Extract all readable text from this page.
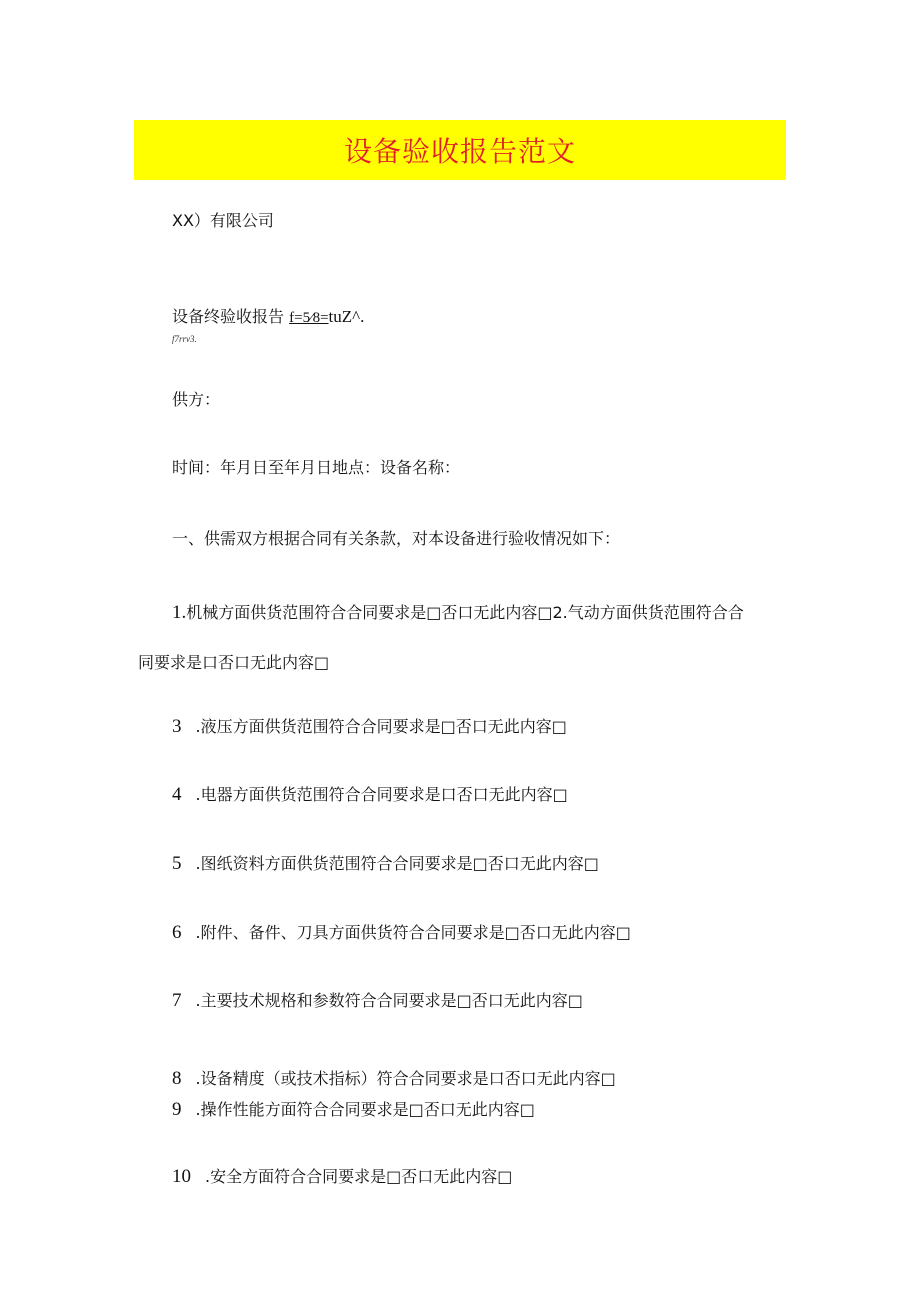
设备验收报告范文
XX）有限公司
设备终验收报告 f=5⁄8=tuZ^.
f7rrv3.
供方：
时间：年月日至年月日地点：设备名称：
一、供需双方根据合同有关条款，对本设备进行验收情况如下：
1.机械方面供货范围符合合同要求是□否口无此内容□2.气动方面供货范围符合合
同要求是口否口无此内容□
3 .液压方面供货范围符合合同要求是□否口无此内容□
4 .电器方面供货范围符合合同要求是口否口无此内容□
5 .图纸资料方面供货范围符合合同要求是□否口无此内容□
6 .附件、备件、刀具方面供货符合合同要求是□否口无此内容□
7 .主要技术规格和参数符合合同要求是□否口无此内容□
8 .设备精度（或技术指标）符合合同要求是口否口无此内容□
9 .操作性能方面符合合同要求是□否口无此内容□
10 .安全方面符合合同要求是□否口无此内容□
